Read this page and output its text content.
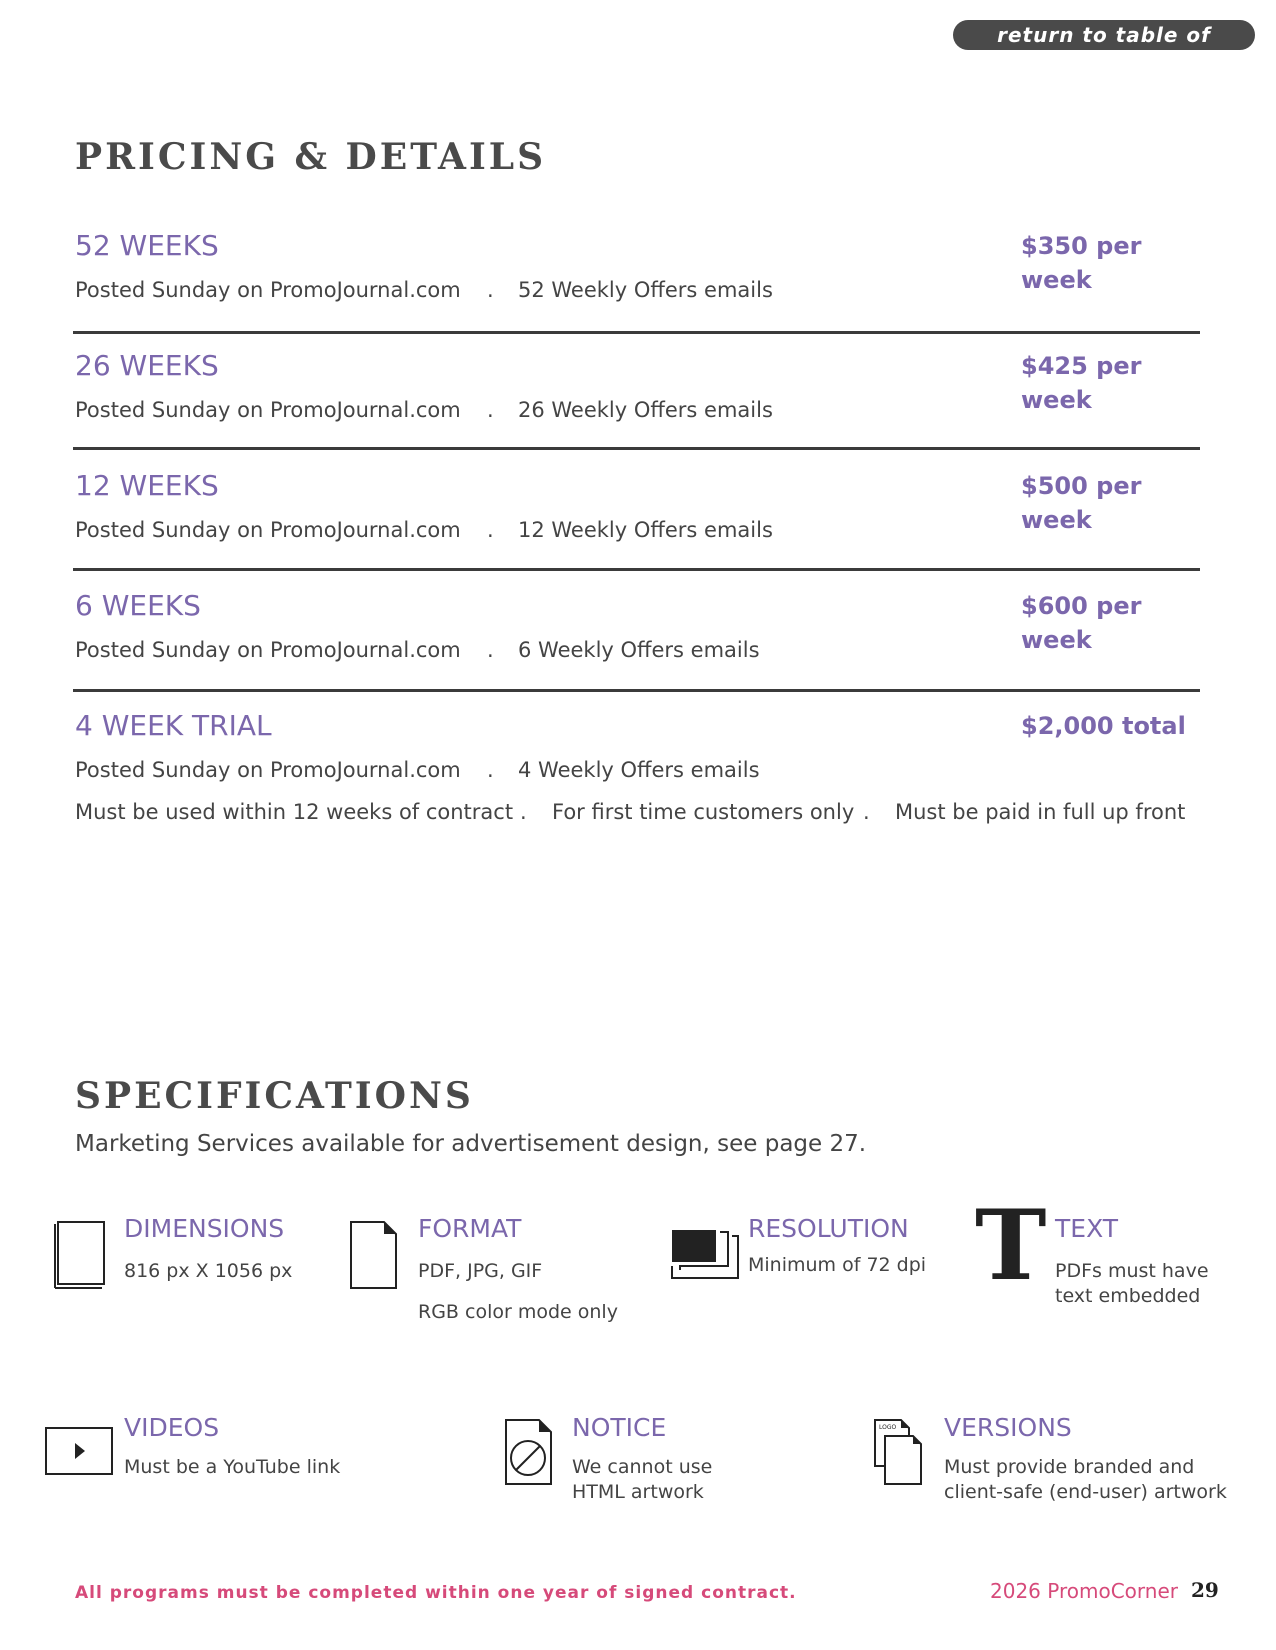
return to table of contents
PRICING & DETAILS
52 WEEKS	$350 per week
Posted Sunday on PromoJournal.com . 52 Weekly Offers emails
26 WEEKS	$425 per week
Posted Sunday on PromoJournal.com . 26 Weekly Offers emails
12 WEEKS	$500 per week
Posted Sunday on PromoJournal.com . 12 Weekly Offers emails
6 WEEKS	$600 per week
Posted Sunday on PromoJournal.com . 6 Weekly Offers emails
4 WEEK TRIAL	$2,000 total
Posted Sunday on PromoJournal.com . 4 Weekly Offers emails
Must be used within 12 weeks of contract . For first time customers only . Must be paid in full up front
SPECIFICATIONS
Marketing Services available for advertisement design, see page 27.
DIMENSIONS
816 px X 1056 px
FORMAT
PDF, JPG, GIF
RGB color mode only
RESOLUTION
Minimum of 72 dpi T TEXT
PDFs must have
text embedded
VIDEOS
Must be a YouTube link
NOTICE
We cannot use
HTML artwork
LOGO VERSIONS
Must provide branded and
client-safe (end-user) artwork
All programs must be completed within one year of signed contract.	2026 PromoCorner 29
